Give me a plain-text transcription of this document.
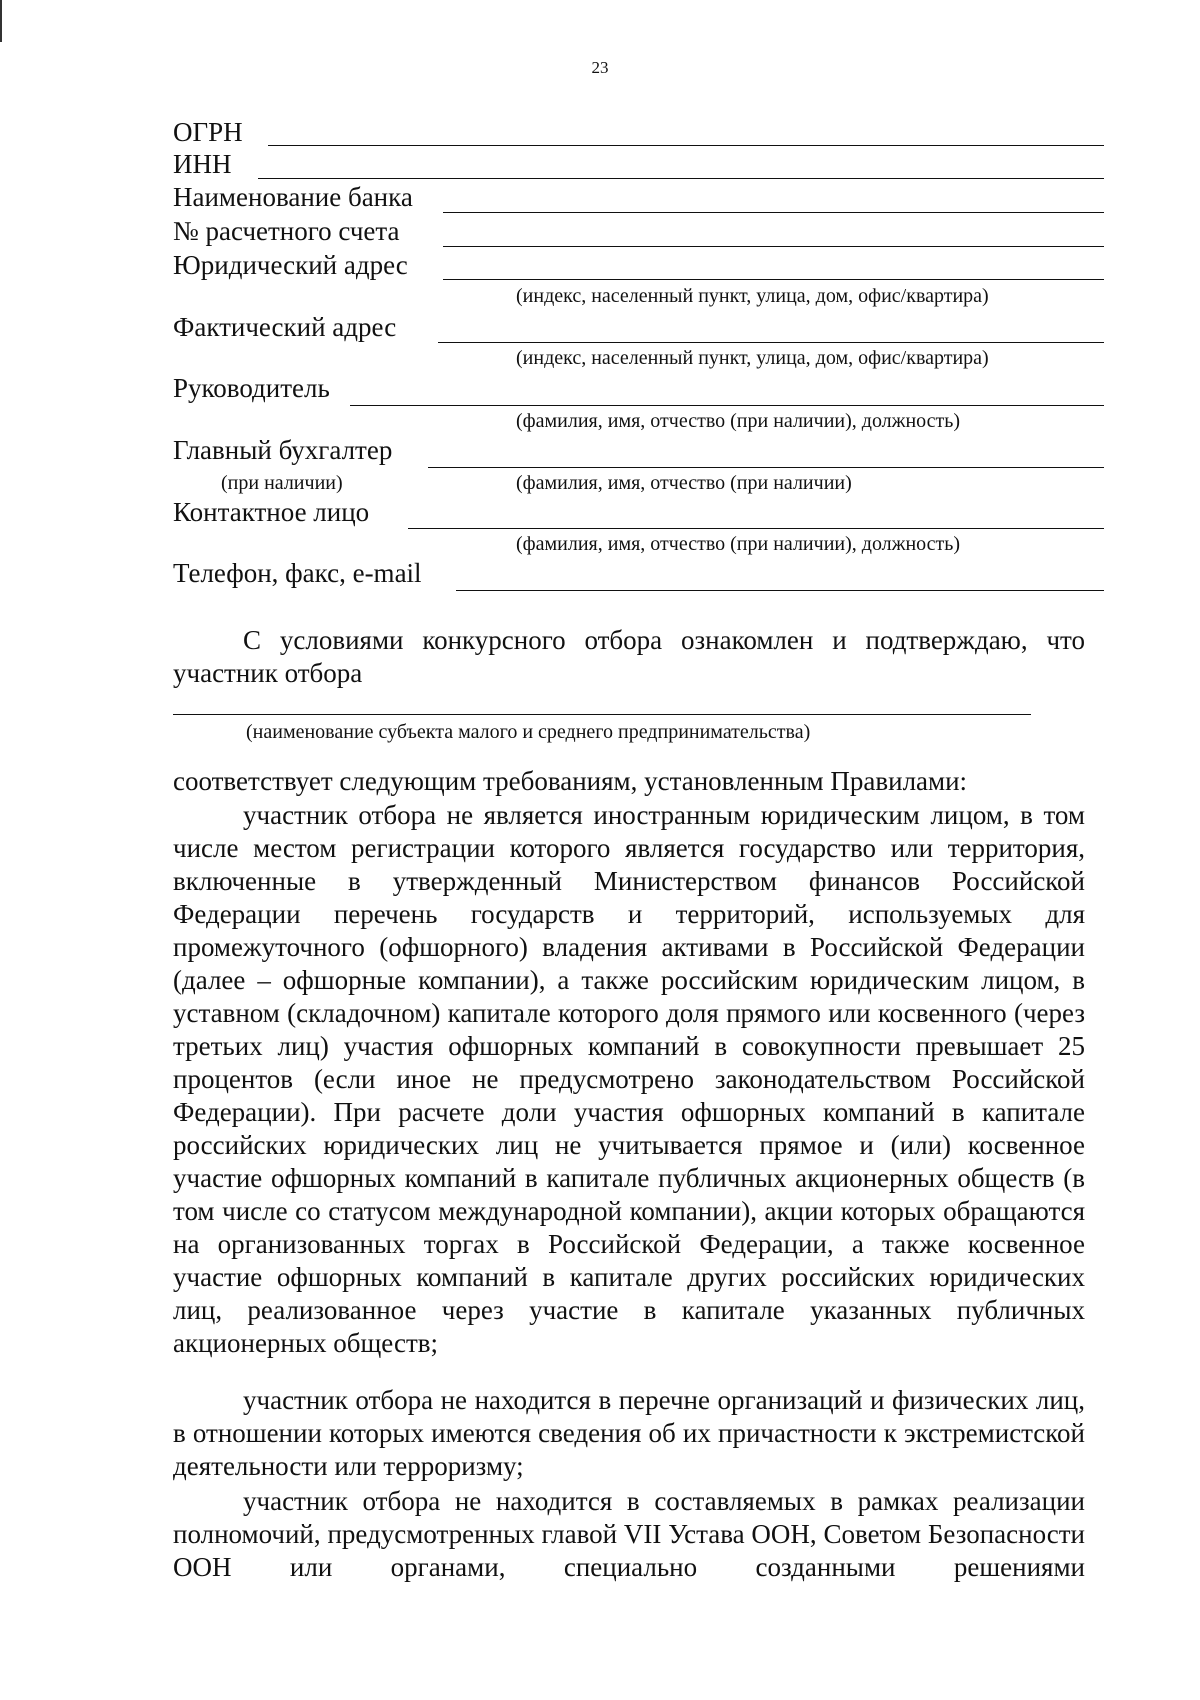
23
ОГРН
ИНН
Наименование банка
№ расчетного счета
Юридический адрес
(индекс, населенный пункт, улица, дом, офис/квартира)
Фактический адрес
(индекс, населенный пункт, улица, дом, офис/квартира)
Руководитель
(фамилия, имя, отчество (при наличии), должность)
Главный бухгалтер
(при наличии)	(фамилия, имя, отчество (при наличии)
Контактное лицо
(фамилия, имя, отчество (при наличии), должность)
Телефон, факс, e-mail

С условиями конкурсного отбора ознакомлен и подтверждаю, что участник отбора

(наименование субъекта малого и среднего предпринимательства)

соответствует следующим требованиям, установленным Правилами:

участник отбора не является иностранным юридическим лицом, в том числе местом регистрации которого является государство или территория, включенные в утвержденный Министерством финансов Российской Федерации перечень государств и территорий, используемых для промежуточного (офшорного) владения активами в Российской Федерации (далее – офшорные компании), а также российским юридическим лицом, в уставном (складочном) капитале которого доля прямого или косвенного (через третьих лиц) участия офшорных компаний в совокупности превышает 25 процентов (если иное не предусмотрено законодательством Российской Федерации). При расчете доли участия офшорных компаний в капитале российских юридических лиц не учитывается прямое и (или) косвенное участие офшорных компаний в капитале публичных акционерных обществ (в том числе со статусом международной компании), акции которых обращаются на организованных торгах в Российской Федерации, а также косвенное участие офшорных компаний в капитале других российских юридических лиц, реализованное через участие в капитале указанных публичных акционерных обществ;

участник отбора не находится в перечне организаций и физических лиц, в отношении которых имеются сведения об их причастности к экстремистской деятельности или терроризму;

участник отбора не находится в составляемых в рамках реализации полномочий, предусмотренных главой VII Устава ООН, Советом Безопасности ООН или органами, специально созданными решениями
